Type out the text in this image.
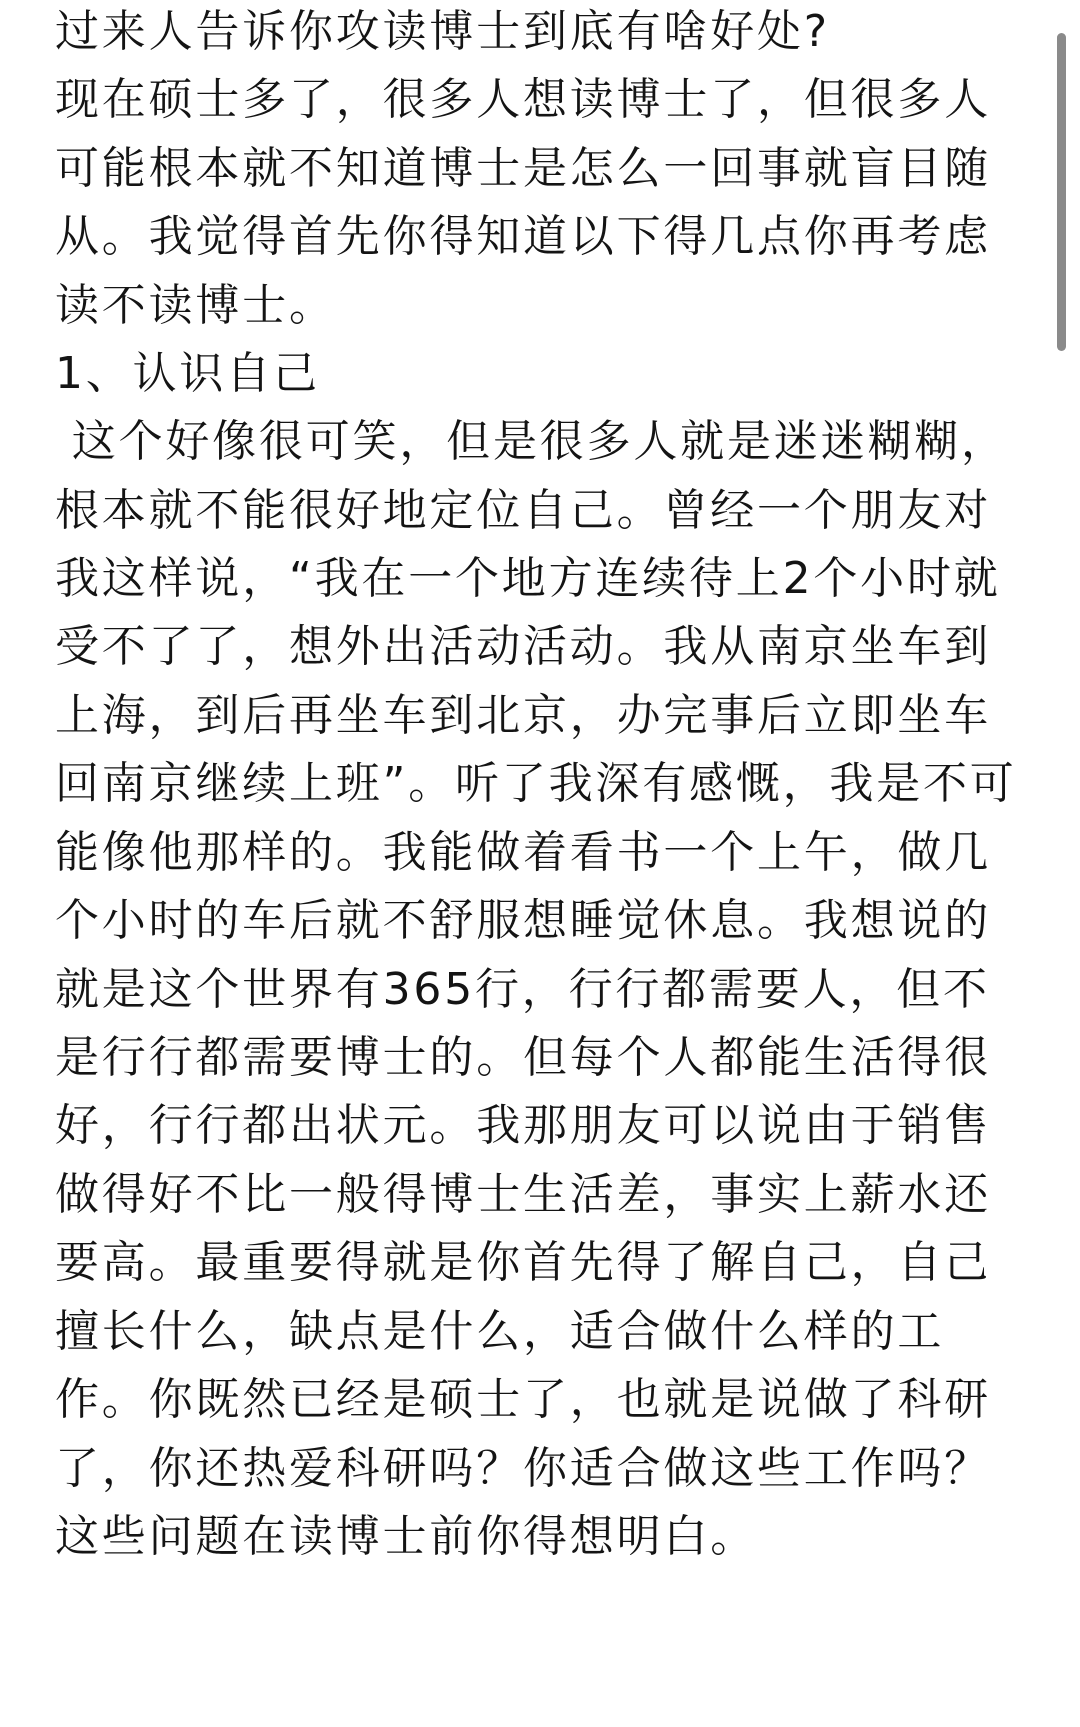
过来人告诉你攻读博士到底有啥好处?

现在硕士多了，很多人想读博士了，但很多人

可能根本就不知道博士是怎么一回事就盲目随

从。我觉得首先你得知道以下得几点你再考虑

读不读博士。

1、认识自己

这个好像很可笑，但是很多人就是迷迷糊糊，

根本就不能很好地定位自己。曾经一个朋友对

我这样说，“我在一个地方连续待上2个小时就

受不了了，想外出活动活动。我从南京坐车到

上海，到后再坐车到北京，办完事后立即坐车

回南京继续上班”。听了我深有感慨，我是不可

能像他那样的。我能做着看书一个上午，做几

个小时的车后就不舒服想睡觉休息。我想说的

就是这个世界有365行，行行都需要人，但不

是行行都需要博士的。但每个人都能生活得很

好，行行都出状元。我那朋友可以说由于销售

做得好不比一般得博士生活差，事实上薪水还

要高。最重要得就是你首先得了解自己，自己

擅长什么，缺点是什么，适合做什么样的工

作。你既然已经是硕士了，也就是说做了科研

了，你还热爱科研吗？你适合做这些工作吗？

这些问题在读博士前你得想明白。
